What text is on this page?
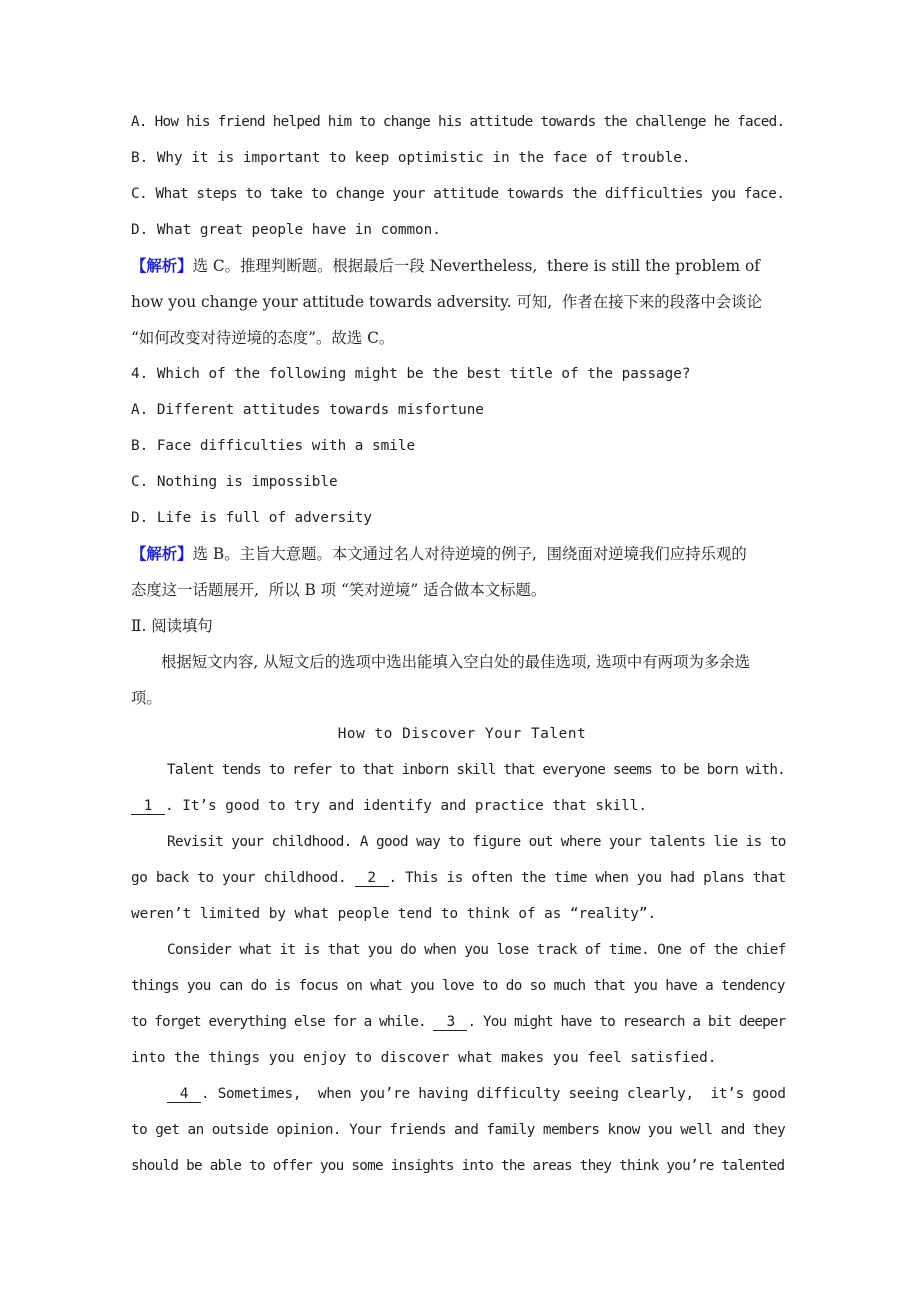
A. How his friend helped him to change his attitude towards the challenge he faced.
B. Why it is important to keep optimistic in the face of trouble.
C. What steps to take to change your attitude towards the difficulties you face.
D. What great people have in common.
【解析】选 C。推理判断题。根据最后一段 Nevertheless,  there is still the problem of
how you change your attitude towards adversity. 可知,  作者在接下来的段落中会谈论
“如何改变对待逆境的态度”。故选 C。
4. Which of the following might be the best title of the passage?
A. Different attitudes towards misfortune
B. Face difficulties with a smile
C. Nothing is impossible
D. Life is full of adversity
【解析】选 B。主旨大意题。本文通过名人对待逆境的例子,  围绕面对逆境我们应持乐观的
态度这一话题展开,  所以 B 项 “笑对逆境” 适合做本文标题。
Ⅱ. 阅读填句
根据短文内容, 从短文后的选项中选出能填入空白处的最佳选项, 选项中有两项为多余选
项。
How to Discover Your Talent
Talent tends to refer to that inborn skill that everyone seems to be born with.
1 . It’s good to try and identify and practice that skill.
Revisit your childhood. A good way to figure out where your talents lie is to
go back to your childhood. 2 . This is often the time when you had plans that
weren’t limited by what people tend to think of as “reality”.
Consider what it is that you do when you lose track of time. One of the chief
things you can do is focus on what you love to do so much that you have a tendency
to forget everything else for a while. 3 . You might have to research a bit deeper
into the things you enjoy to discover what makes you feel satisfied.
4 . Sometimes,  when you’re having difficulty seeing clearly,  it’s good
to get an outside opinion. Your friends and family members know you well and they
should be able to offer you some insights into the areas they think you’re talented
